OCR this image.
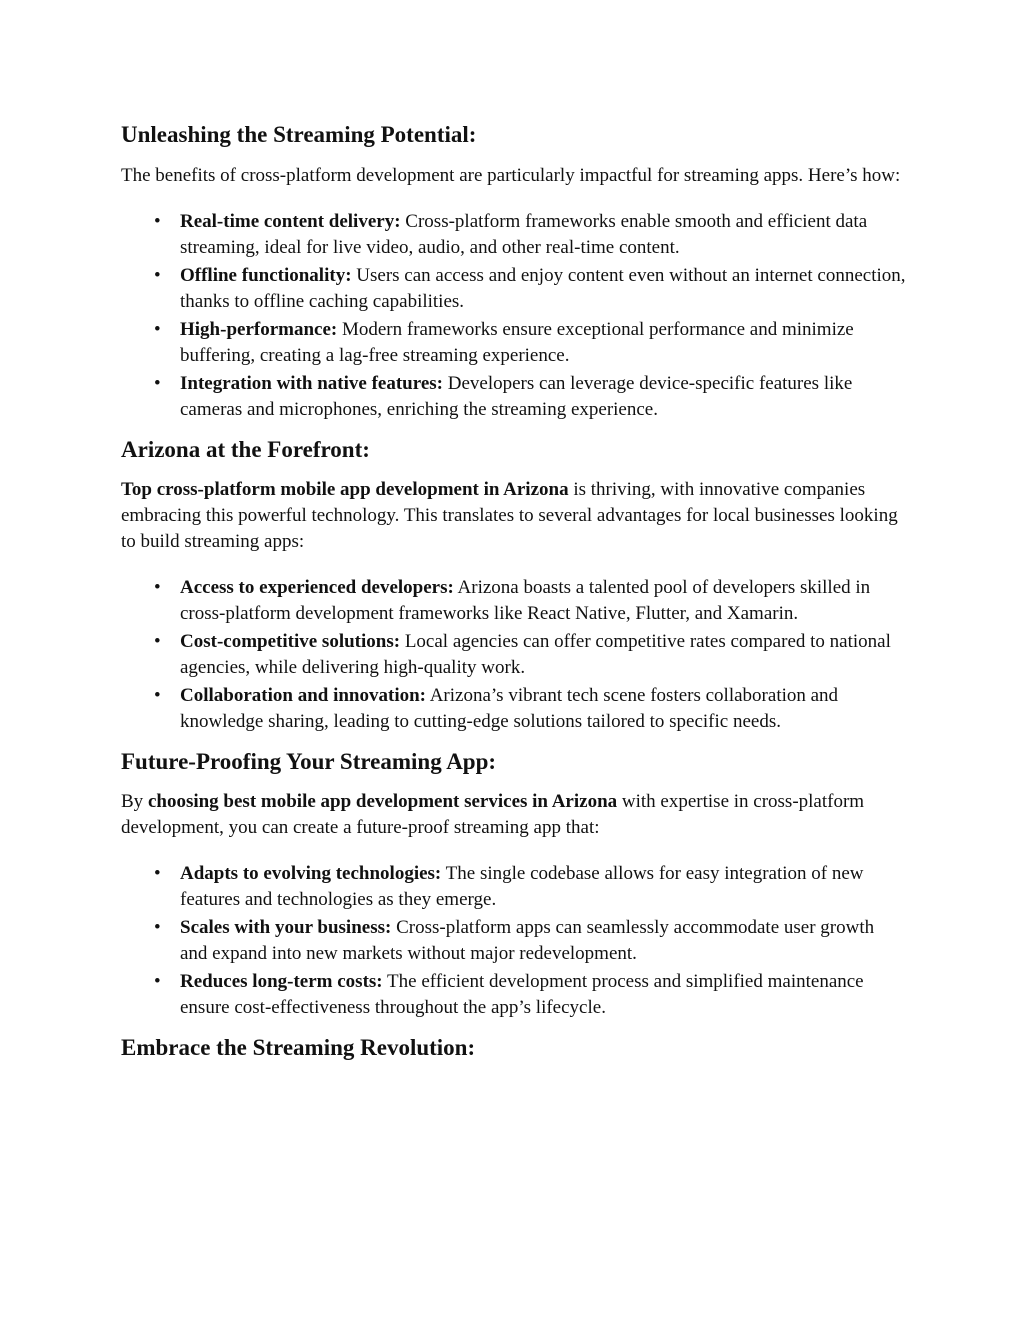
Unleashing the Streaming Potential:

The benefits of cross-platform development are particularly impactful for streaming apps. Here’s how:

• Real-time content delivery: Cross-platform frameworks enable smooth and efficient data streaming, ideal for live video, audio, and other real-time content.
• Offline functionality: Users can access and enjoy content even without an internet connection, thanks to offline caching capabilities.
• High-performance: Modern frameworks ensure exceptional performance and minimize buffering, creating a lag-free streaming experience.
• Integration with native features: Developers can leverage device-specific features like cameras and microphones, enriching the streaming experience.
Arizona at the Forefront:

Top cross-platform mobile app development in Arizona is thriving, with innovative companies embracing this powerful technology. This translates to several advantages for local businesses looking to build streaming apps:

• Access to experienced developers: Arizona boasts a talented pool of developers skilled in cross-platform development frameworks like React Native, Flutter, and Xamarin.
• Cost-competitive solutions: Local agencies can offer competitive rates compared to national agencies, while delivering high-quality work.
• Collaboration and innovation: Arizona’s vibrant tech scene fosters collaboration and knowledge sharing, leading to cutting-edge solutions tailored to specific needs.
Future-Proofing Your Streaming App:

By choosing best mobile app development services in Arizona with expertise in cross-platform development, you can create a future-proof streaming app that:

• Adapts to evolving technologies: The single codebase allows for easy integration of new features and technologies as they emerge.
• Scales with your business: Cross-platform apps can seamlessly accommodate user growth and expand into new markets without major redevelopment.
• Reduces long-term costs: The efficient development process and simplified maintenance ensure cost-effectiveness throughout the app’s lifecycle.
Embrace the Streaming Revolution:
